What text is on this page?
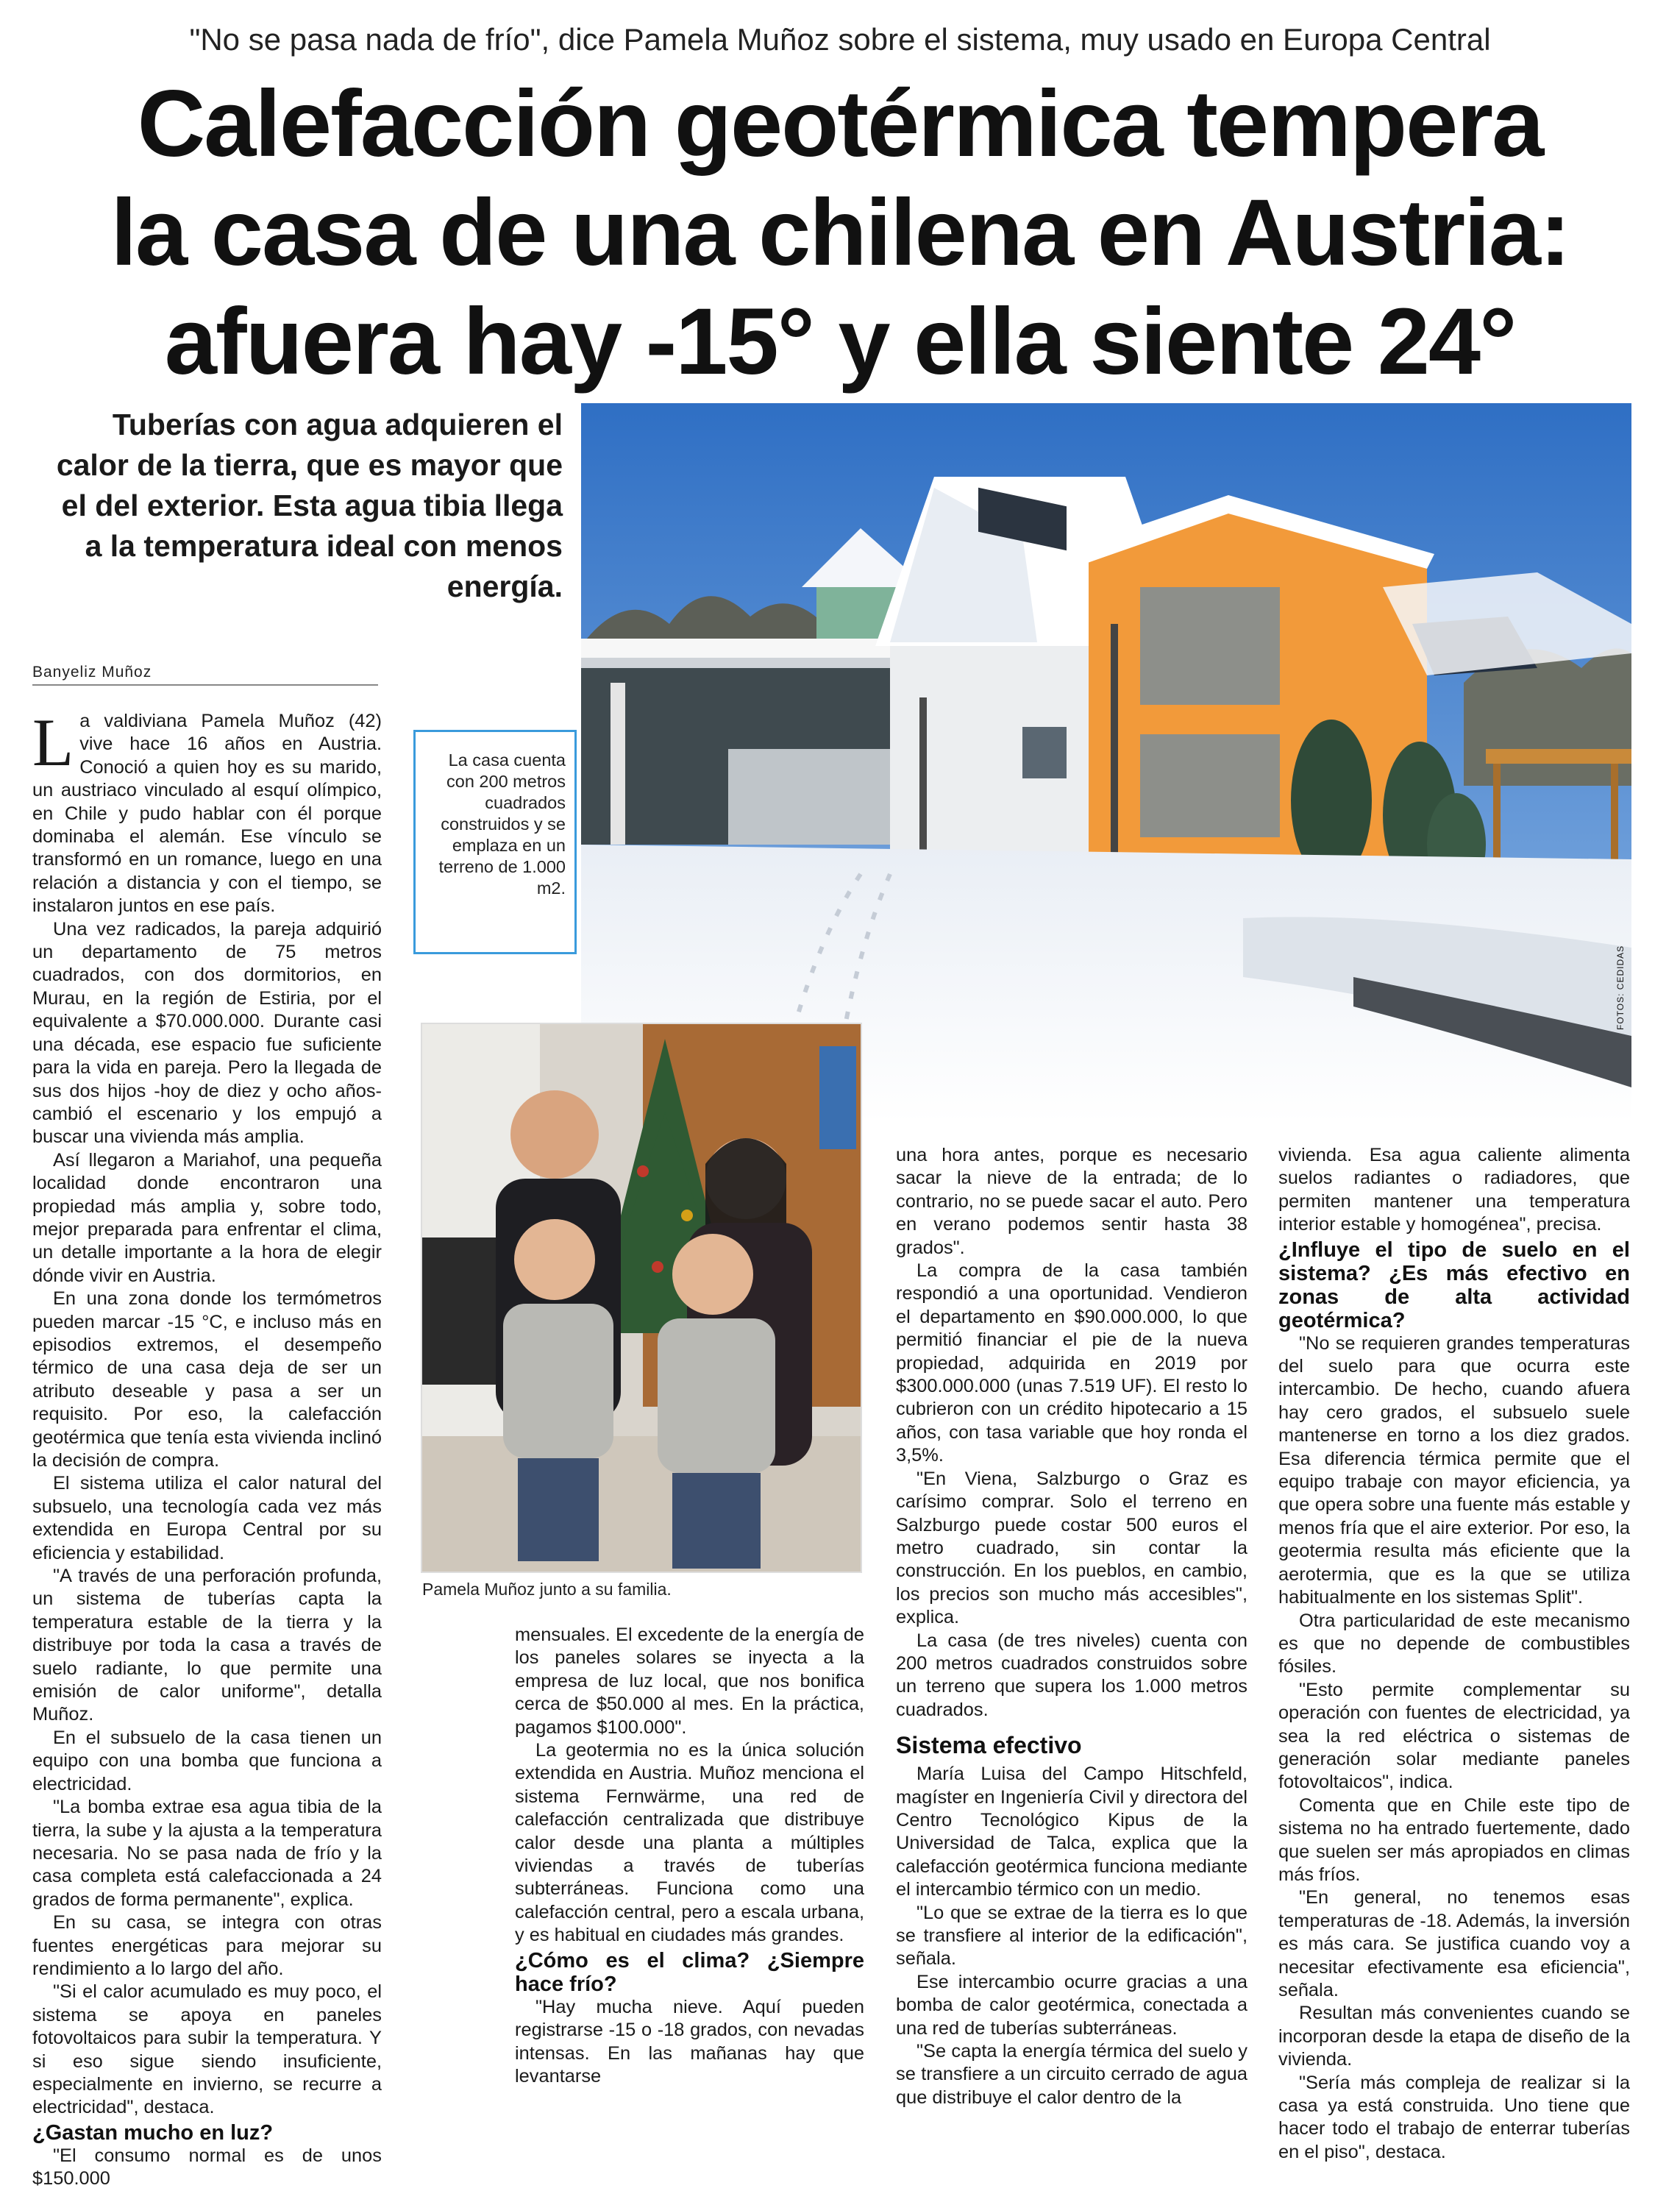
"No se pasa nada de frío", dice Pamela Muñoz sobre el sistema, muy usado en Europa Central
Calefacción geotérmica tempera
la casa de una chilena en Austria:
afuera hay -15° y ella siente 24°
Tuberías con agua adquieren el calor de la tierra, que es mayor que el del exterior. Esta agua tibia llega a la temperatura ideal con menos energía.
Banyeliz Muñoz
La casa cuenta con 200 metros cuadrados construidos y se emplaza en un terreno de 1.000 m2.
FOTOS: CEDIDAS
Pamela Muñoz junto a su familia.

La valdiviana Pamela Muñoz (42) vive hace 16 años en Austria. Conoció a quien hoy es su marido, un austriaco vinculado al esquí olímpico, en Chile y pudo hablar con él porque dominaba el alemán. Ese vínculo se transformó en un romance, luego en una relación a distancia y con el tiempo, se instalaron juntos en ese país.

Una vez radicados, la pareja adquirió un departamento de 75 metros cuadrados, con dos dormitorios, en Murau, en la región de Estiria, por el equivalente a $70.000.000. Durante casi una década, ese espacio fue suficiente para la vida en pareja. Pero la llegada de sus dos hijos -hoy de diez y ocho años- cambió el escenario y los empujó a buscar una vivienda más amplia.

Así llegaron a Mariahof, una pequeña localidad donde encontraron una propiedad más amplia y, sobre todo, mejor preparada para enfrentar el clima, un detalle importante a la hora de elegir dónde vivir en Austria.

En una zona donde los termómetros pueden marcar -15 °C, e incluso más en episodios extremos, el desempeño térmico de una casa deja de ser un atributo deseable y pasa a ser un requisito. Por eso, la calefacción geotérmica que tenía esta vivienda inclinó la decisión de compra.

El sistema utiliza el calor natural del subsuelo, una tecnología cada vez más extendida en Europa Central por su eficiencia y estabilidad.

"A través de una perforación profunda, un sistema de tuberías capta la temperatura estable de la tierra y la distribuye por toda la casa a través de suelo radiante, lo que permite una emisión de calor uniforme", detalla Muñoz.

En el subsuelo de la casa tienen un equipo con una bomba que funciona a electricidad.

"La bomba extrae esa agua tibia de la tierra, la sube y la ajusta a la temperatura necesaria. No se pasa nada de frío y la casa completa está calefaccionada a 24 grados de forma permanente", explica.

En su casa, se integra con otras fuentes energéticas para mejorar su rendimiento a lo largo del año.

"Si el calor acumulado es muy poco, el sistema se apoya en paneles fotovoltaicos para subir la temperatura. Y si eso sigue siendo insuficiente, especialmente en invierno, se recurre a electricidad", destaca.

¿Gastan mucho en luz?

"El consumo normal es de unos $150.000

mensuales. El excedente de la energía de los paneles solares se inyecta a la empresa de luz local, que nos bonifica cerca de $50.000 al mes. En la práctica, pagamos $100.000".

La geotermia no es la única solución extendida en Austria. Muñoz menciona el sistema Fernwärme, una red de calefacción centralizada que distribuye calor desde una planta a múltiples viviendas a través de tuberías subterráneas. Funciona como una calefacción central, pero a escala urbana, y es habitual en ciudades más grandes.

¿Cómo es el clima? ¿Siempre hace frío?

"Hay mucha nieve. Aquí pueden registrarse -15 o -18 grados, con nevadas intensas. En las mañanas hay que levantarse

una hora antes, porque es necesario sacar la nieve de la entrada; de lo contrario, no se puede sacar el auto. Pero en verano podemos sentir hasta 38 grados".

La compra de la casa también respondió a una oportunidad. Vendieron el departamento en $90.000.000, lo que permitió financiar el pie de la nueva propiedad, adquirida en 2019 por $300.000.000 (unas 7.519 UF). El resto lo cubrieron con un crédito hipotecario a 15 años, con tasa variable que hoy ronda el 3,5%.

"En Viena, Salzburgo o Graz es carísimo comprar. Solo el terreno en Salzburgo puede costar 500 euros el metro cuadrado, sin contar la construcción. En los pueblos, en cambio, los precios son mucho más accesibles", explica.

La casa (de tres niveles) cuenta con 200 metros cuadrados construidos sobre un terreno que supera los 1.000 metros cuadrados.

Sistema efectivo

María Luisa del Campo Hitschfeld, magíster en Ingeniería Civil y directora del Centro Tecnológico Kipus de la Universidad de Talca, explica que la calefacción geotérmica funciona mediante el intercambio térmico con un medio.

"Lo que se extrae de la tierra es lo que se transfiere al interior de la edificación", señala.

Ese intercambio ocurre gracias a una bomba de calor geotérmica, conectada a una red de tuberías subterráneas.

"Se capta la energía térmica del suelo y se transfiere a un circuito cerrado de agua que distribuye el calor dentro de la

vivienda. Esa agua caliente alimenta suelos radiantes o radiadores, que permiten mantener una temperatura interior estable y homogénea", precisa.

¿Influye el tipo de suelo en el sistema? ¿Es más efectivo en zonas de alta actividad geotérmica?

"No se requieren grandes temperaturas del suelo para que ocurra este intercambio. De hecho, cuando afuera hay cero grados, el subsuelo suele mantenerse en torno a los diez grados. Esa diferencia térmica permite que el equipo trabaje con mayor eficiencia, ya que opera sobre una fuente más estable y menos fría que el aire exterior. Por eso, la geotermia resulta más eficiente que la aerotermia, que es la que se utiliza habitualmente en los sistemas Split".

Otra particularidad de este mecanismo es que no depende de combustibles fósiles.

"Esto permite complementar su operación con fuentes de electricidad, ya sea la red eléctrica o sistemas de generación solar mediante paneles fotovoltaicos", indica.

Comenta que en Chile este tipo de sistema no ha entrado fuertemente, dado que suelen ser más apropiados en climas más fríos.

"En general, no tenemos esas temperaturas de -18. Además, la inversión es más cara. Se justifica cuando voy a necesitar efectivamente esa eficiencia", señala.

Resultan más convenientes cuando se incorporan desde la etapa de diseño de la vivienda.

"Sería más compleja de realizar si la casa ya está construida. Uno tiene que hacer todo el trabajo de enterrar tuberías en el piso", destaca.
